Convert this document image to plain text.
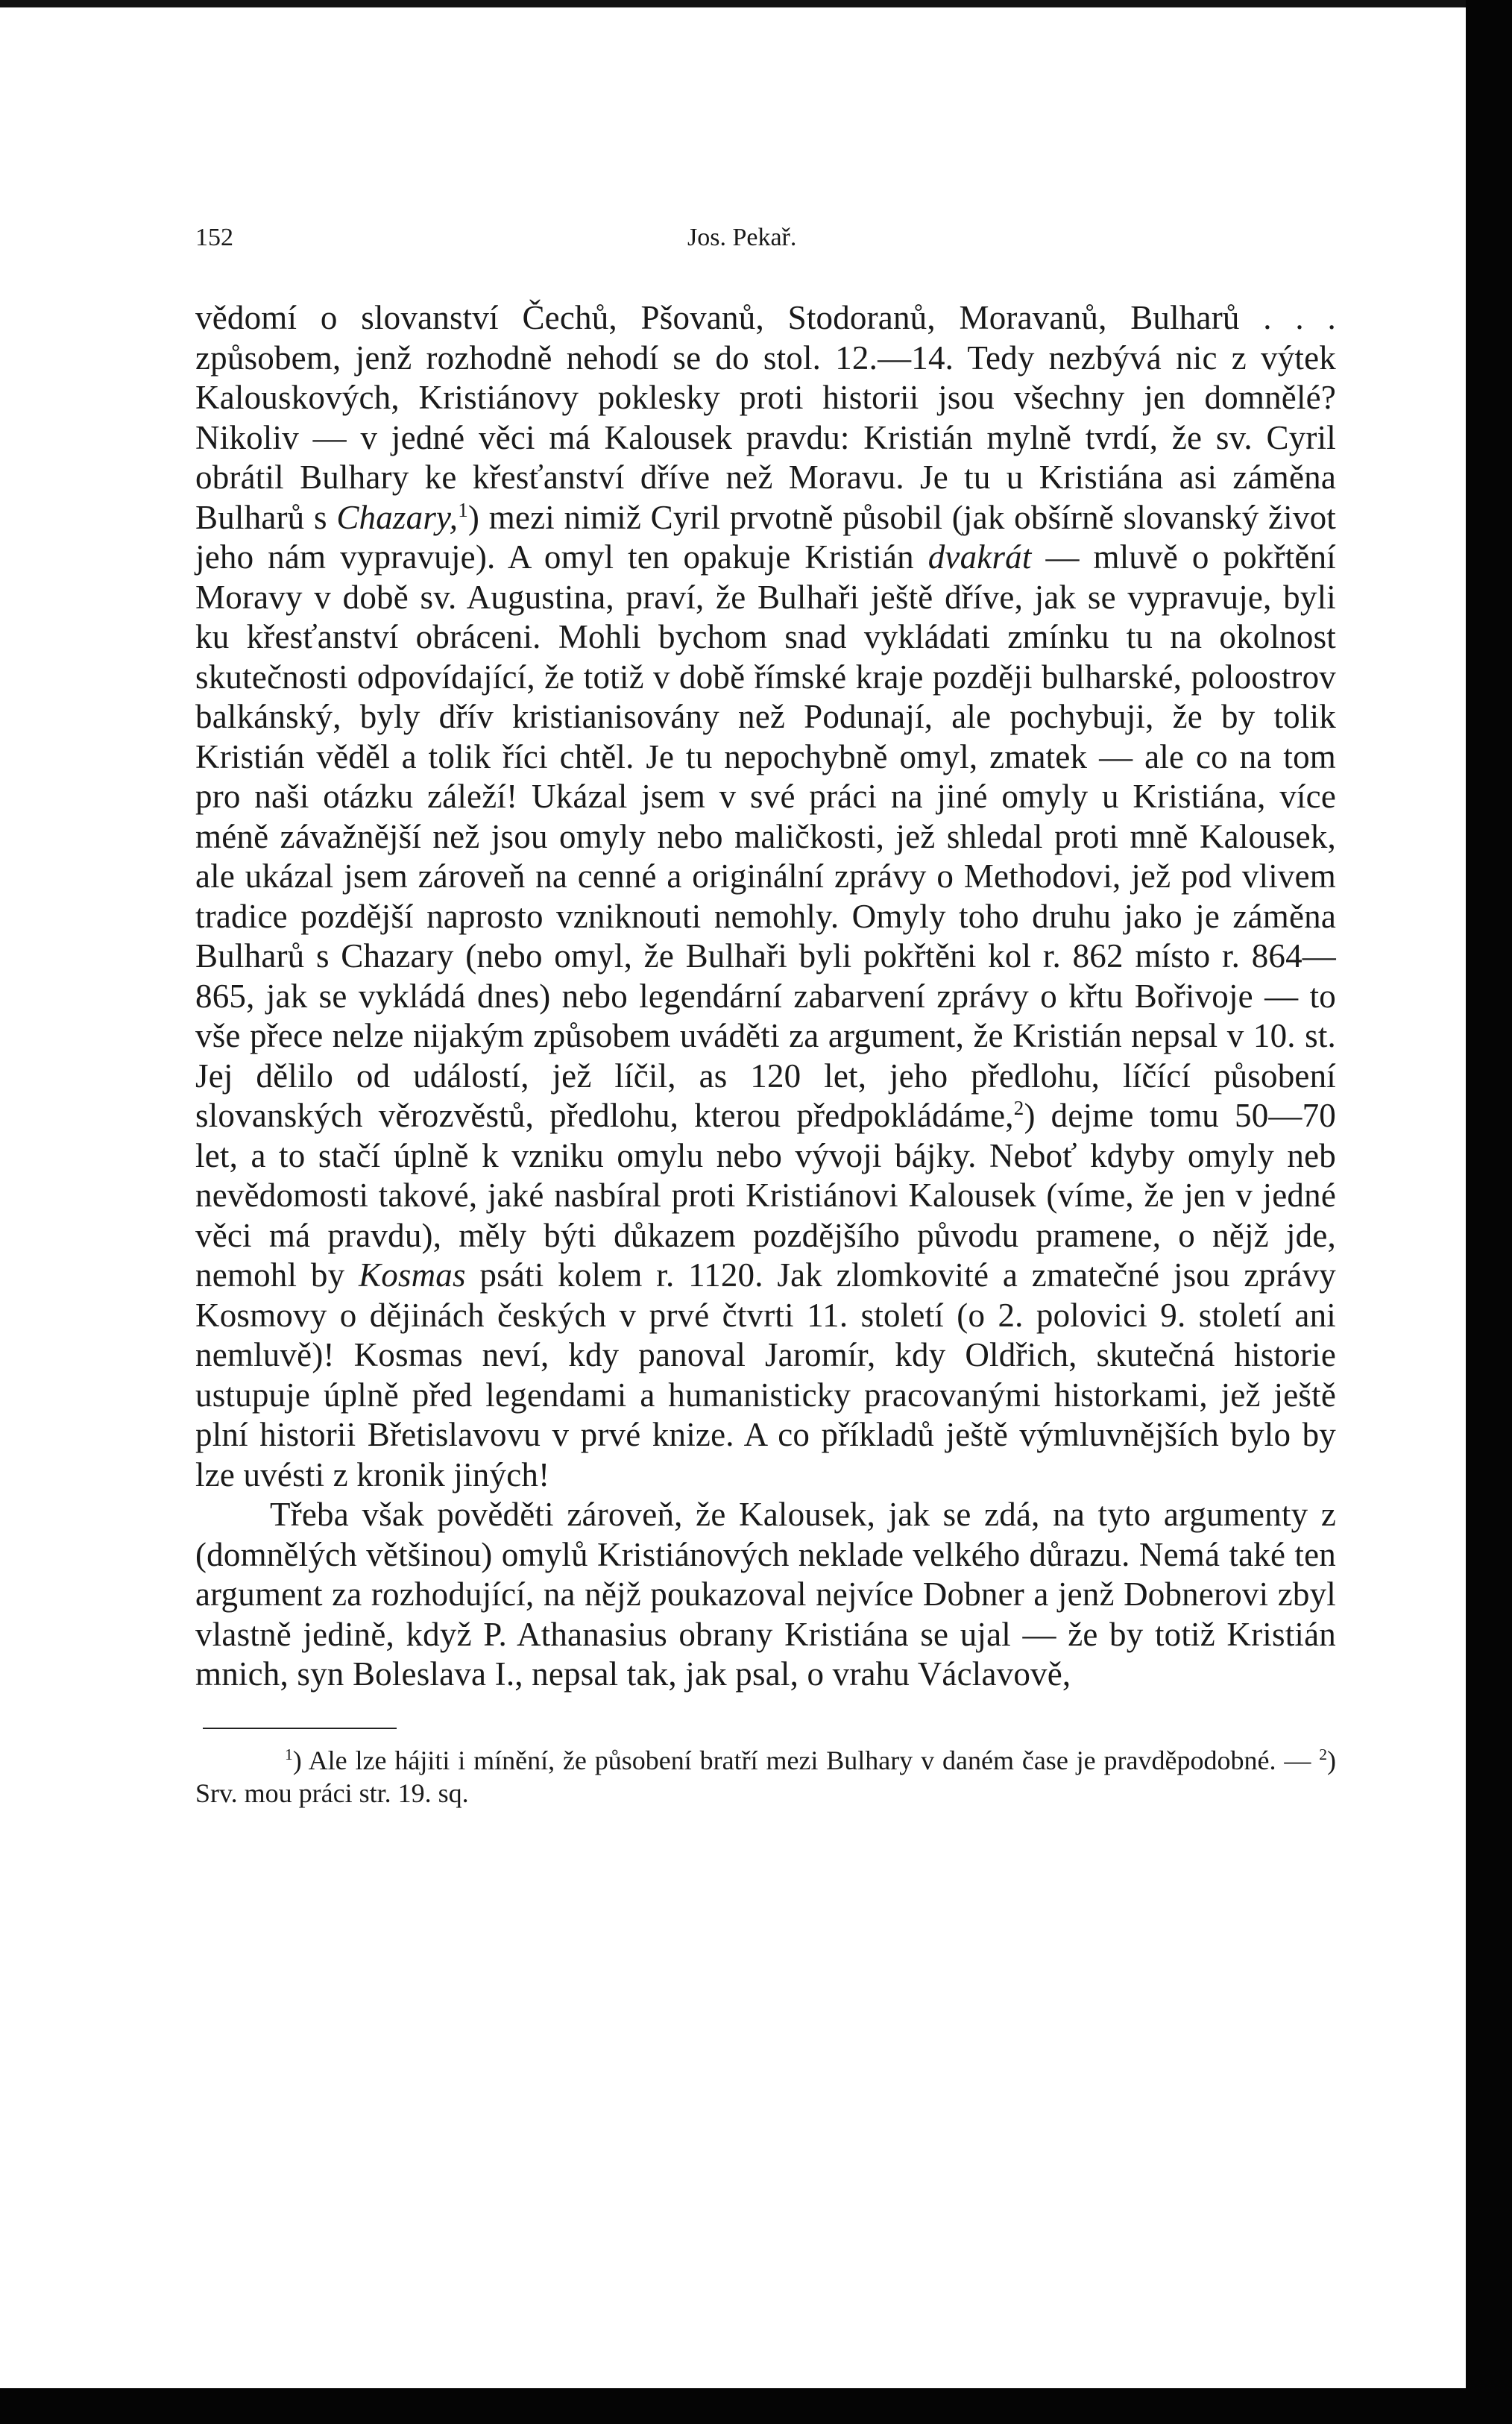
152	Jos. Pekař.

vědomí o slovanství Čechů, Pšovanů, Stodoranů, Moravanů, Bulharů . . . způsobem, jenž rozhodně nehodí se do stol. 12.—14. Tedy nezbývá nic z výtek Kalouskových, Kristiánovy poklesky proti historii jsou všechny jen domnělé? Nikoliv — v jedné věci má Kalousek pravdu: Kristián mylně tvrdí, že sv. Cyril obrátil Bulhary ke křesťanství dříve než Moravu. Je tu u Kristiána asi záměna Bulharů s Chazary,$^1$) mezi nimiž Cyril prvotně působil (jak obšírně slovanský život jeho nám vypravuje). A omyl ten opakuje Kristián dvakrát — mluvě o pokřtění Moravy v době sv. Augustina, praví, že Bulhaři ještě dříve, jak se vypravuje, byli ku křesťanství obráceni. Mohli bychom snad vykládati zmínku tu na okolnost skutečnosti odpovídající, že totiž v době římské kraje později bulharské, poloostrov balkánský, byly dřív kristianisovány než Podunají, ale pochybuji, že by tolik Kristián věděl a tolik říci chtěl. Je tu nepochybně omyl, zmatek — ale co na tom pro naši otázku záleží! Ukázal jsem v své práci na jiné omyly u Kristiána, více méně závažnější než jsou omyly nebo maličkosti, jež shledal proti mně Kalousek, ale ukázal jsem zároveň na cenné a originální zprávy o Methodovi, jež pod vlivem tradice pozdější naprosto vzniknouti nemohly. Omyly toho druhu jako je záměna Bulharů s Chazary (nebo omyl, že Bulhaři byli pokřtěni kol r. 862 místo r. 864—865, jak se vykládá dnes) nebo legendární zabarvení zprávy o křtu Bořivoje — to vše přece nelze nijakým způsobem uváděti za argument, že Kristián nepsal v 10. st. Jej dělilo od událostí, jež líčil, as 120 let, jeho předlohu, líčící působení slovanských věrozvěstů, předlohu, kterou předpokládáme,$^2$) dejme tomu 50—70 let, a to stačí úplně k vzniku omylu nebo vývoji bájky. Neboť kdyby omyly neb nevědomosti takové, jaké nasbíral proti Kristiánovi Kalousek (víme, že jen v jedné věci má pravdu), měly býti důkazem pozdějšího původu pramene, o nějž jde, nemohl by Kosmas psáti kolem r. 1120. Jak zlomkovité a zmatečné jsou zprávy Kosmovy o dějinách českých v prvé čtvrti 11. století (o 2. polovici 9. století ani nemluvě)! Kosmas neví, kdy panoval Jaromír, kdy Oldřich, skutečná historie ustupuje úplně před legendami a humanisticky pracovanými historkami, jež ještě plní historii Břetislavovu v prvé knize. A co příkladů ještě výmluvnějších bylo by lze uvésti z kronik jiných!

Třeba však pověděti zároveň, že Kalousek, jak se zdá, na tyto argumenty z (domnělých většinou) omylů Kristiánových neklade velkého důrazu. Nemá také ten argument za rozhodující, na nějž poukazoval nejvíce Dobner a jenž Dobnerovi zbyl vlastně jedině, když P. Athanasius obrany Kristiána se ujal — že by totiž Kristián mnich, syn Boleslava I., nepsal tak, jak psal, o vrahu Václavově,

$^1$) Ale lze hájiti i mínění, že působení bratří mezi Bulhary v daném čase je pravděpodobné. — $^2$) Srv. mou práci str. 19. sq.
